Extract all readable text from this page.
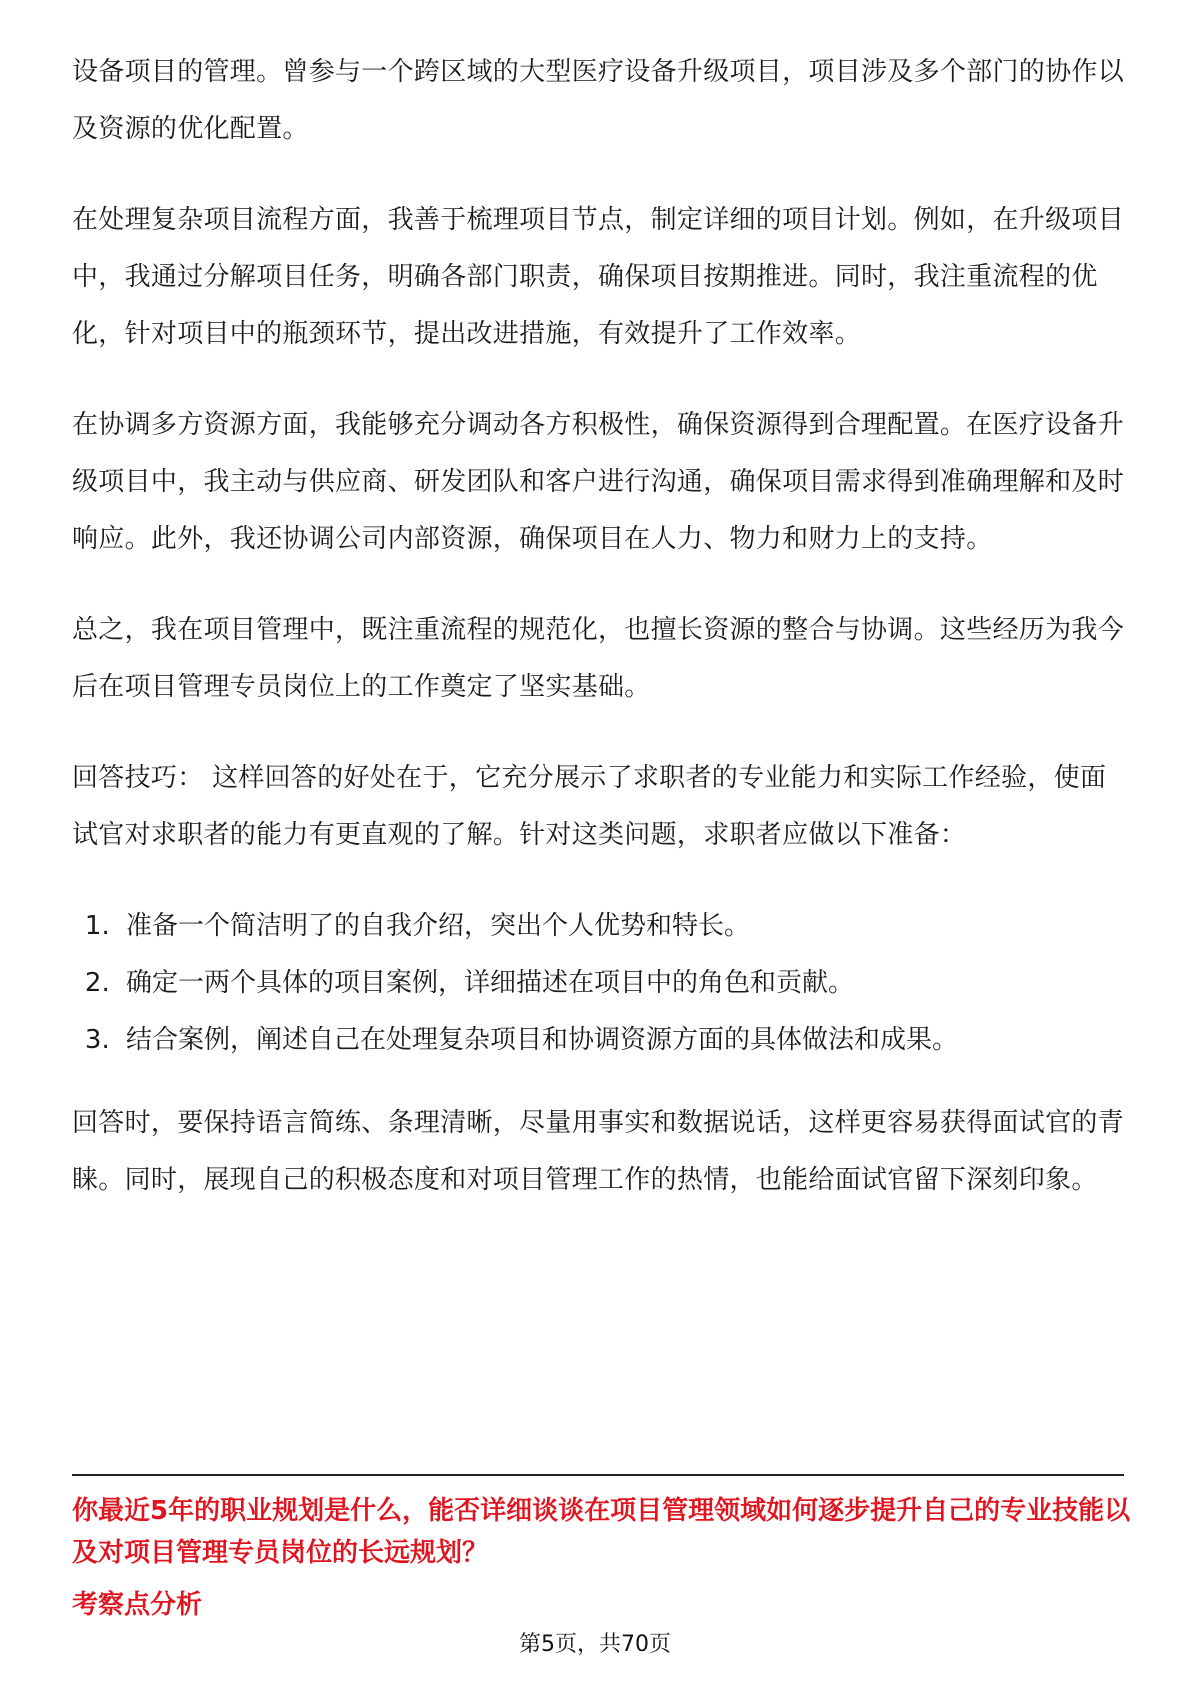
设备项目的管理。曾参与一个跨区域的大型医疗设备升级项目，项目涉及多个部门的协作以及资源的优化配置。

在处理复杂项目流程方面，我善于梳理项目节点，制定详细的项目计划。例如，在升级项目中，我通过分解项目任务，明确各部门职责，确保项目按期推进。同时，我注重流程的优化，针对项目中的瓶颈环节，提出改进措施，有效提升了工作效率。

在协调多方资源方面，我能够充分调动各方积极性，确保资源得到合理配置。在医疗设备升级项目中，我主动与供应商、研发团队和客户进行沟通，确保项目需求得到准确理解和及时响应。此外，我还协调公司内部资源，确保项目在人力、物力和财力上的支持。

总之，我在项目管理中，既注重流程的规范化，也擅长资源的整合与协调。这些经历为我今后在项目管理专员岗位上的工作奠定了坚实基础。

回答技巧： 这样回答的好处在于，它充分展示了求职者的专业能力和实际工作经验，使面试官对求职者的能力有更直观的了解。针对这类问题，求职者应做以下准备：

1. 准备一个简洁明了的自我介绍，突出个人优势和特长。
2. 确定一两个具体的项目案例，详细描述在项目中的角色和贡献。
3. 结合案例，阐述自己在处理复杂项目和协调资源方面的具体做法和成果。

回答时，要保持语言简练、条理清晰，尽量用事实和数据说话，这样更容易获得面试官的青睐。同时，展现自己的积极态度和对项目管理工作的热情，也能给面试官留下深刻印象。

你最近5年的职业规划是什么，能否详细谈谈在项目管理领域如何逐步提升自己的专业技能以及对项目管理专员岗位的长远规划？
考察点分析
第5页，共70页
